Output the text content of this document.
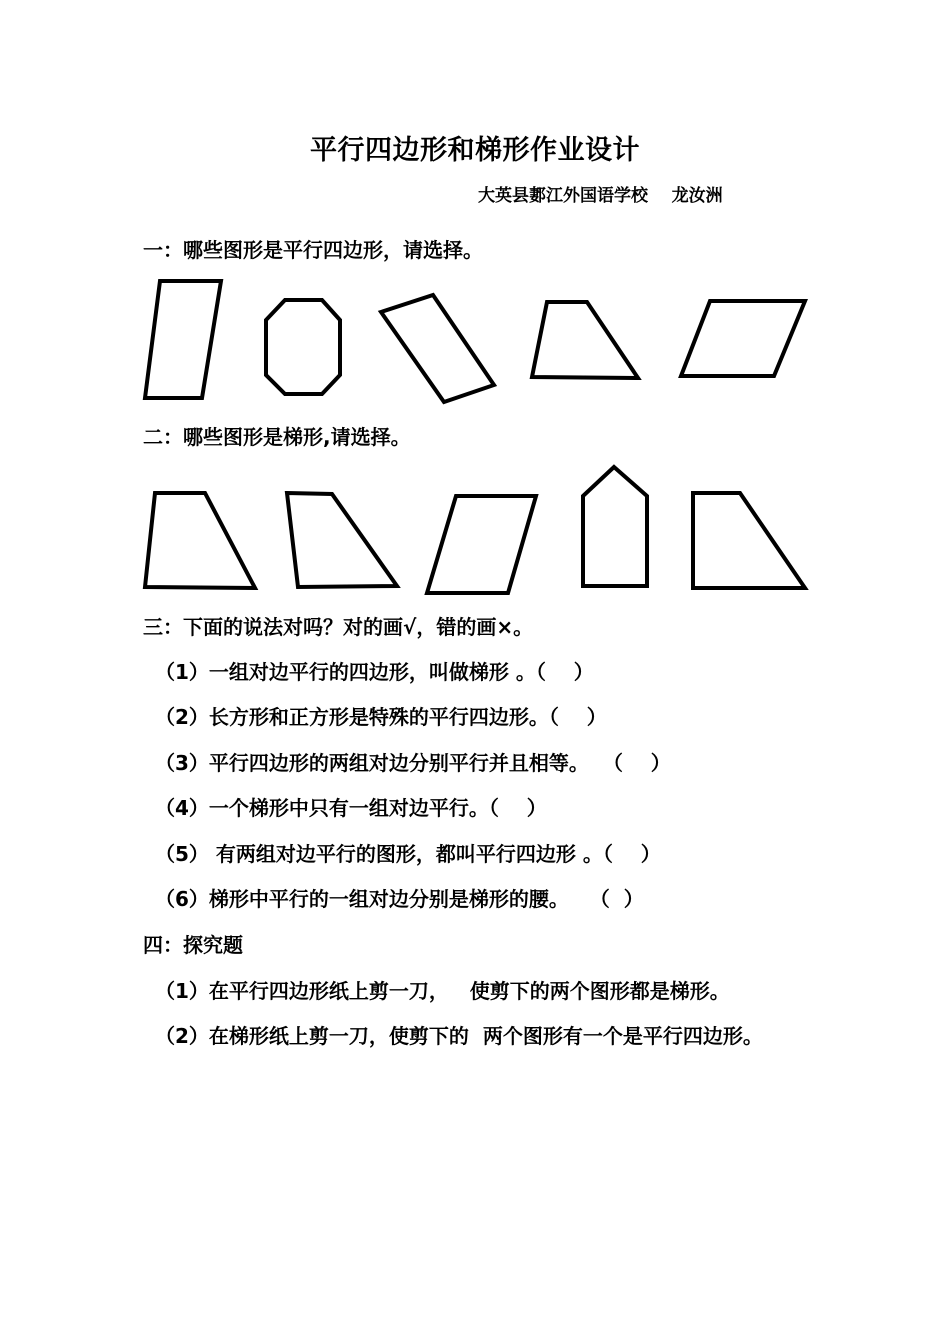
平行四边形和梯形作业设计
大英县郪江外国语学校    龙汝洲
一：哪些图形是平行四边形，请选择。
二：哪些图形是梯形,请选择。
三：下面的说法对吗？对的画√，错的画×。
（1）一组对边平行的四边形，叫做梯形 。（    ）
（2）长方形和正方形是特殊的平行四边形。（    ）
（3）平行四边形的两组对边分别平行并且相等。  （    ）
（4）一个梯形中只有一组对边平行。（    ）
（5） 有两组对边平行的图形，都叫平行四边形 。（    ）
（6）梯形中平行的一组对边分别是梯形的腰。   （  ）
四：探究题
（1）在平行四边形纸上剪一刀，   使剪下的两个图形都是梯形。
（2）在梯形纸上剪一刀，使剪下的  两个图形有一个是平行四边形。
